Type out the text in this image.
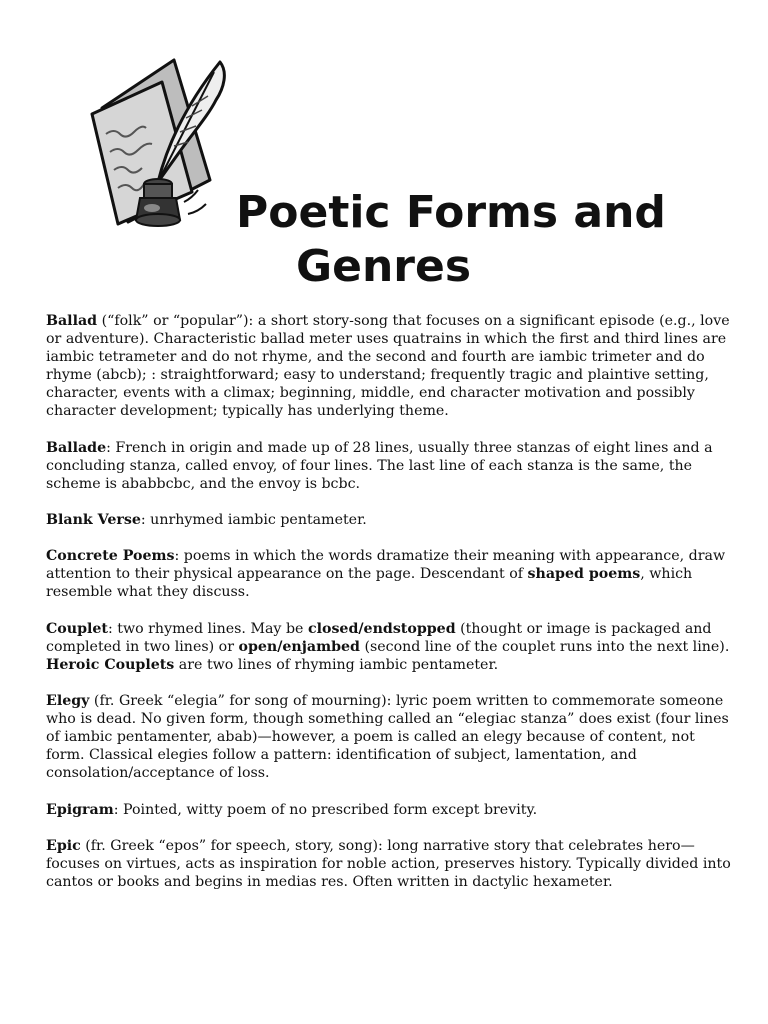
Poetic Forms and

Genres

Ballad (“folk” or “popular”): a short story-song that focuses on a significant episode (e.g., love or adventure). Characteristic ballad meter uses quatrains in which the first and third lines are iambic tetrameter and do not rhyme, and the second and fourth are iambic trimeter and do rhyme (abcb); : straightforward; easy to understand; frequently tragic and plaintive setting, character, events with a climax; beginning, middle, end character motivation and possibly character development; typically has underlying theme.

Ballade: French in origin and made up of 28 lines, usually three stanzas of eight lines and a concluding stanza, called envoy, of four lines. The last line of each stanza is the same, the scheme is ababbcbc, and the envoy is bcbc.

Blank Verse: unrhymed iambic pentameter.

Concrete Poems: poems in which the words dramatize their meaning with appearance, draw attention to their physical appearance on the page. Descendant of shaped poems, which resemble what they discuss.

Couplet: two rhymed lines. May be closed/endstopped (thought or image is packaged and completed in two lines) or open/enjambed (second line of the couplet runs into the next line). Heroic Couplets are two lines of rhyming iambic pentameter.

Elegy (fr. Greek “elegia” for song of mourning): lyric poem written to commemorate someone who is dead. No given form, though something called an “elegiac stanza” does exist (four lines of iambic pentamenter, abab)—however, a poem is called an elegy because of content, not form. Classical elegies follow a pattern: identification of subject, lamentation, and consolation/acceptance of loss.

Epigram: Pointed, witty poem of no prescribed form except brevity.

Epic (fr. Greek “epos” for speech, story, song): long narrative story that celebrates hero—focuses on virtues, acts as inspiration for noble action, preserves history. Typically divided into cantos or books and begins in medias res. Often written in dactylic hexameter.
